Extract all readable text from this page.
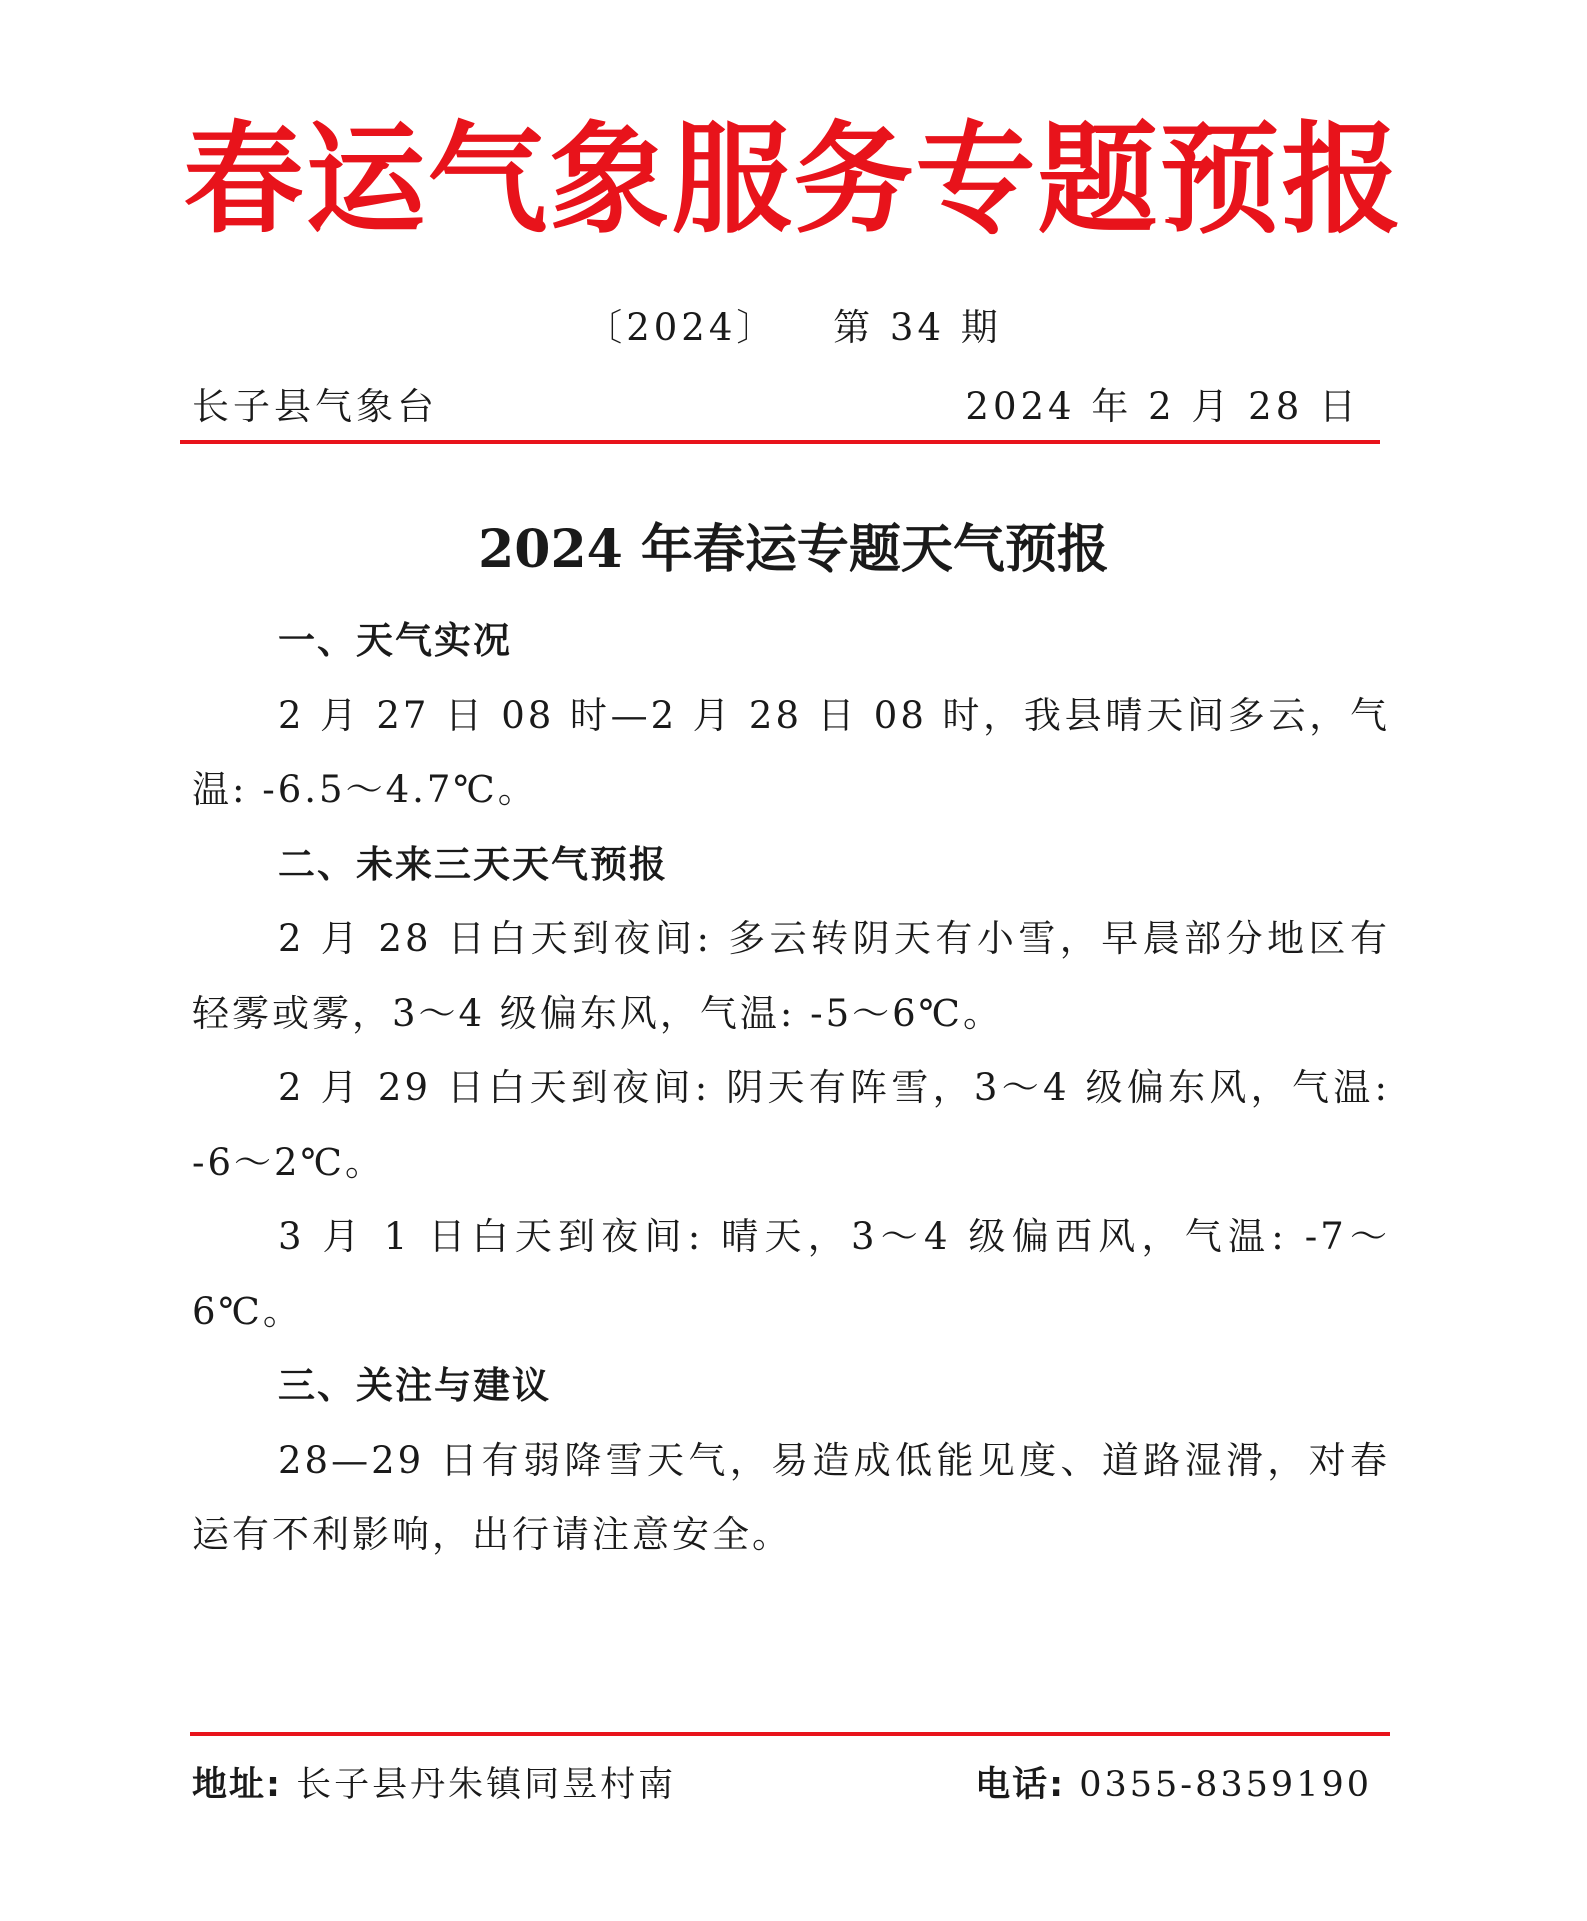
春运气象服务专题预报
〔2024〕 第 34 期
长子县气象台	2024 年 2 月 28 日
2024 年春运专题天气预报

一、天气实况

2 月 27 日 08 时—2 月 28 日 08 时，我县晴天间多云，气温: -6.5～4.7℃。

二、未来三天天气预报

2 月 28 日白天到夜间: 多云转阴天有小雪，早晨部分地区有轻雾或雾，3～4 级偏东风，气温: -5～6℃。

2 月 29 日白天到夜间: 阴天有阵雪，3～4 级偏东风，气温: -6～2℃。

3 月 1 日白天到夜间: 晴天，3～4 级偏西风，气温: -7～6℃。

三、关注与建议

28—29 日有弱降雪天气，易造成低能见度、道路湿滑，对春运有不利影响，出行请注意安全。

地址: 长子县丹朱镇同昱村南	电话: 0355-8359190
